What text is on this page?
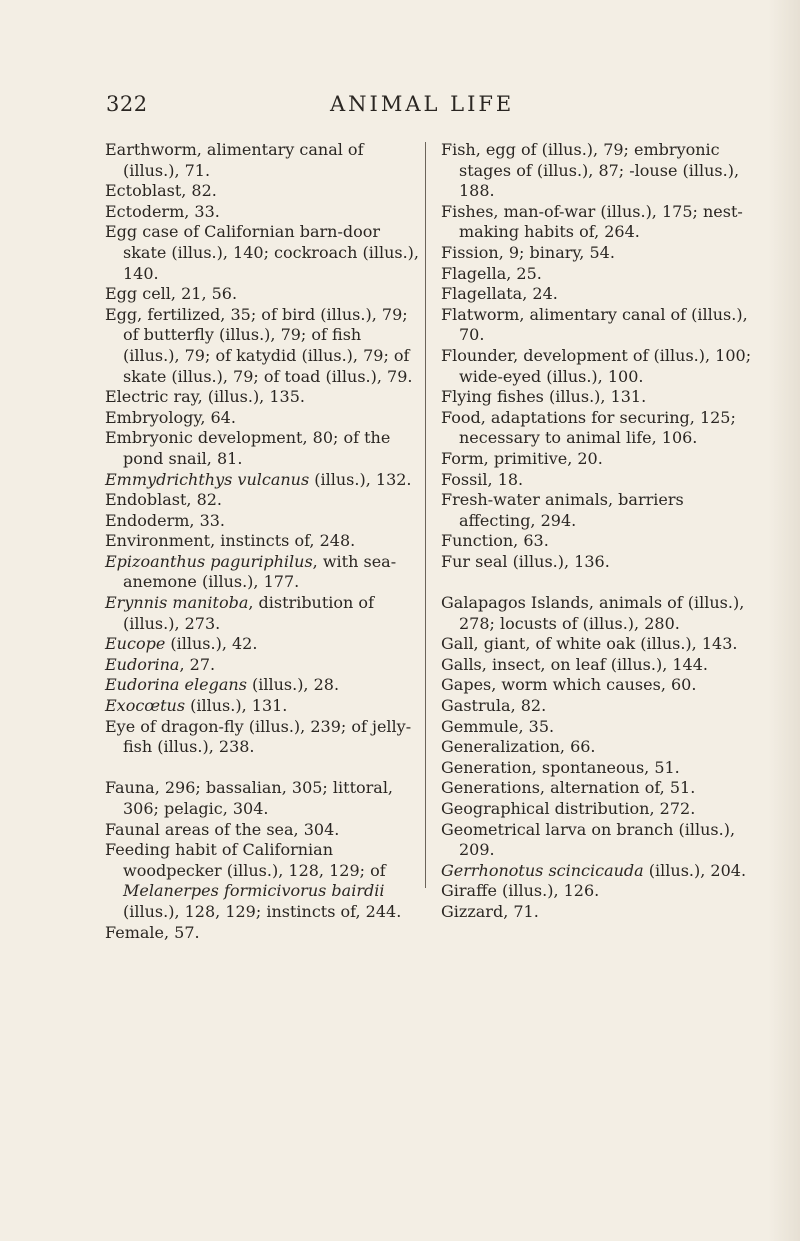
322	ANIMAL LIFE

Earthworm, alimentary canal of (illus.), 71.

Ectoblast, 82.

Ectoderm, 33.

Egg case of Californian barn-door skate (illus.), 140; cockroach (illus.), 140.

Egg cell, 21, 56.

Egg, fertilized, 35; of bird (illus.), 79; of butterfly (illus.), 79; of fish (illus.), 79; of katydid (illus.), 79; of skate (illus.), 79; of toad (illus.), 79.

Electric ray, (illus.), 135.

Embryology, 64.

Embryonic development, 80; of the pond snail, 81.

Emmydrichthys vulcanus (illus.), 132.

Endoblast, 82.

Endoderm, 33.

Environment, instincts of, 248.

Epizoanthus paguriphilus, with sea-anemone (illus.), 177.

Erynnis manitoba, distribution of (illus.), 273.

Eucope (illus.), 42.

Eudorina, 27.

Eudorina elegans (illus.), 28.

Exocœtus (illus.), 131.

Eye of dragon-fly (illus.), 239; of jelly-fish (illus.), 238.

Fauna, 296; bassalian, 305; littoral, 306; pelagic, 304.

Faunal areas of the sea, 304.

Feeding habit of Californian woodpecker (illus.), 128, 129; of Melanerpes formicivorus bairdii (illus.), 128, 129; instincts of, 244.

Female, 57.

Fish, egg of (illus.), 79; embryonic stages of (illus.), 87; -louse (illus.), 188.

Fishes, man-of-war (illus.), 175; nest-making habits of, 264.

Fission, 9; binary, 54.

Flagella, 25.

Flagellata, 24.

Flatworm, alimentary canal of (illus.), 70.

Flounder, development of (illus.), 100; wide-eyed (illus.), 100.

Flying fishes (illus.), 131.

Food, adaptations for securing, 125; necessary to animal life, 106.

Form, primitive, 20.

Fossil, 18.

Fresh-water animals, barriers affecting, 294.

Function, 63.

Fur seal (illus.), 136.

Galapagos Islands, animals of (illus.), 278; locusts of (illus.), 280.

Gall, giant, of white oak (illus.), 143.

Galls, insect, on leaf (illus.), 144.

Gapes, worm which causes, 60.

Gastrula, 82.

Gemmule, 35.

Generalization, 66.

Generation, spontaneous, 51.

Generations, alternation of, 51.

Geographical distribution, 272.

Geometrical larva on branch (illus.), 209.

Gerrhonotus scincicauda (illus.), 204.

Giraffe (illus.), 126.

Gizzard, 71.
